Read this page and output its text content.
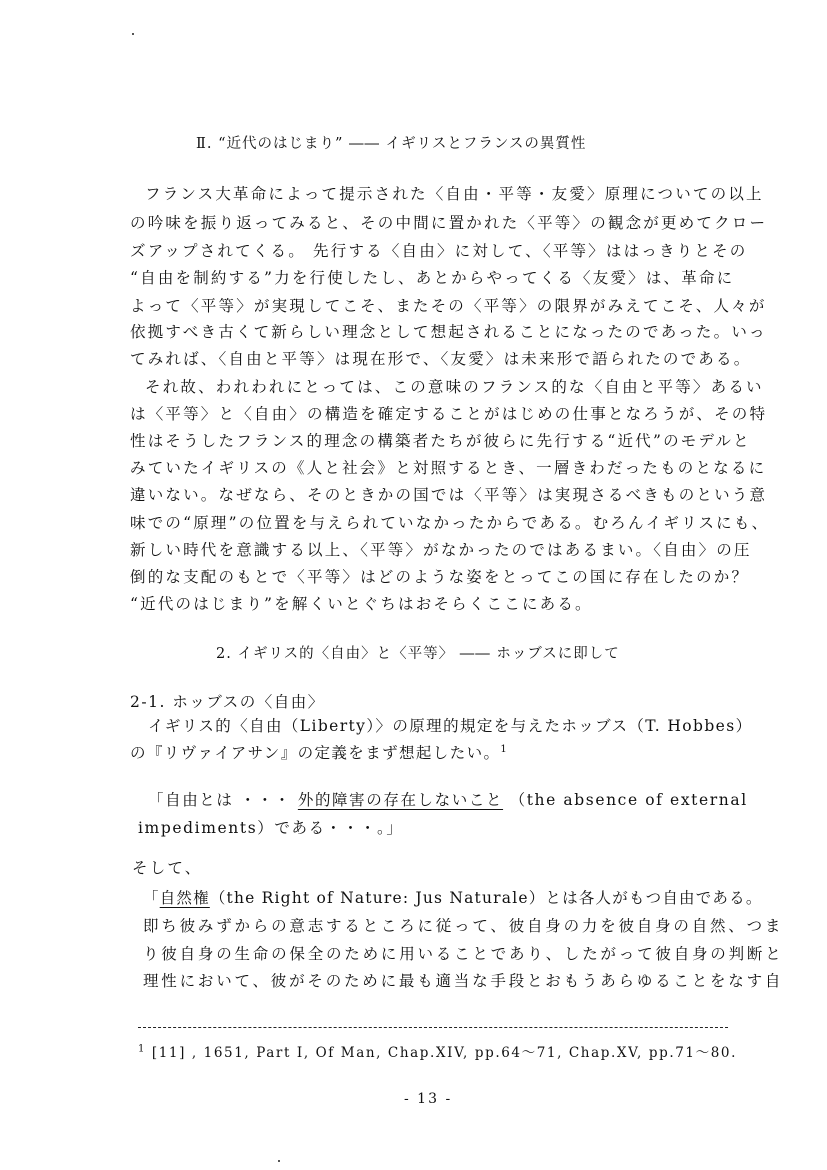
Ⅱ. “近代のはじまり” ―― イギリスとフランスの異質性
フランス大革命によって提示された〈自由・平等・友愛〉原理についての以上
の吟味を振り返ってみると、その中間に置かれた〈平等〉の観念が更めてクロー
ズアップされてくる。 先行する〈自由〉に対して、〈平等〉ははっきりとその
“自由を制約する”力を行使したし、あとからやってくる〈友愛〉は、革命に
よって〈平等〉が実現してこそ、またその〈平等〉の限界がみえてこそ、人々が
依拠すべき古くて新らしい理念として想起されることになったのであった。いっ
てみれば、〈自由と平等〉は現在形で、〈友愛〉は未来形で語られたのである。
それ故、われわれにとっては、この意味のフランス的な〈自由と平等〉あるい
は〈平等〉と〈自由〉の構造を確定することがはじめの仕事となろうが、その特
性はそうしたフランス的理念の構築者たちが彼らに先行する“近代”のモデルと
みていたイギリスの《人と社会》と対照するとき、一層きわだったものとなるに
違いない。なぜなら、そのときかの国では〈平等〉は実現さるべきものという意
味での“原理”の位置を与えられていなかったからである。むろんイギリスにも、
新しい時代を意識する以上、〈平等〉がなかったのではあるまい。〈自由〉の圧
倒的な支配のもとで〈平等〉はどのような姿をとってこの国に存在したのか？
“近代のはじまり”を解くいとぐちはおそらくここにある。
2. イギリス的〈自由〉と〈平等〉 ―― ホッブスに即して
2-1. ホッブスの〈自由〉
イギリス的〈自由（Liberty）〉の原理的規定を与えたホッブス（T. Hobbes）
の『リヴァイアサン』の定義をまず想起したい。$^1$
「自由とは ・・・ 外的障害の存在しないこと （the absence of external
impediments）である・・・。」
そして、
「自然権（the Right of Nature: Jus Naturale）とは各人がもつ自由である。
即ち彼みずからの意志するところに従って、彼自身の力を彼自身の自然、つま
り彼自身の生命の保全のために用いることであり、したがって彼自身の判断と
理性において、彼がそのために最も適当な手段とおもうあらゆることをなす自
$^1$ [11] , 1651, Part I, Of Man, Chap.XIV, pp.64～71, Chap.XV, pp.71～80.
- 13 -
